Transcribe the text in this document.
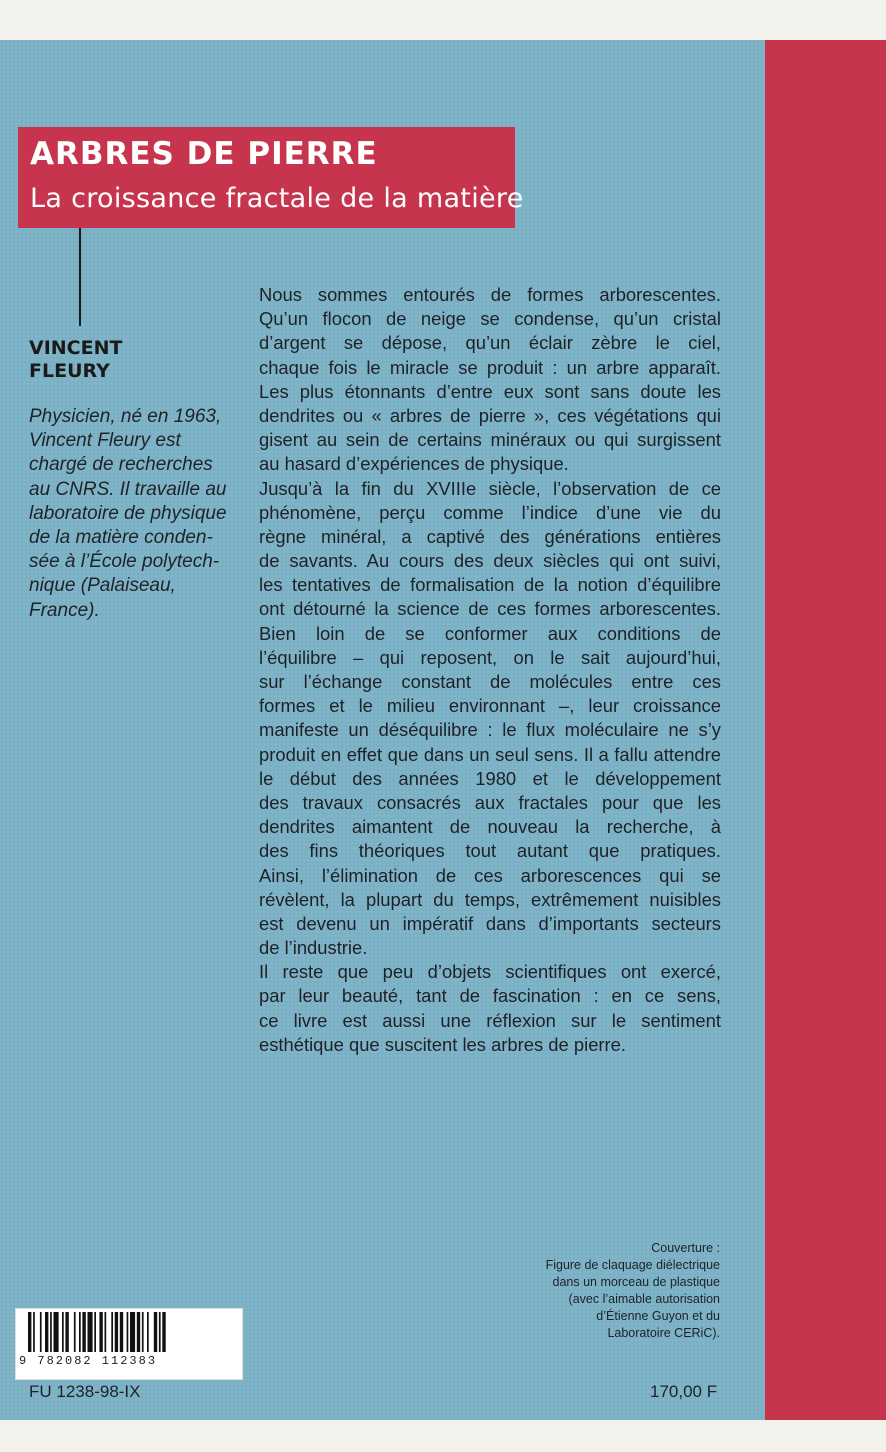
ARBRES DE PIERRE
La croissance fractale de la matière
VINCENT
FLEURY
Physicien, né en 1963,
Vincent Fleury est
chargé de recherches
au CNRS. Il travaille au
laboratoire de physique
de la matière conden-
sée à l’École polytech-
nique (Palaiseau,
France).
Nous sommes entourés de formes arborescentes.
Qu’un flocon de neige se condense, qu’un cristal
d’argent se dépose, qu’un éclair zèbre le ciel,
chaque fois le miracle se produit : un arbre apparaît.
Les plus étonnants d’entre eux sont sans doute les
dendrites ou « arbres de pierre », ces végétations qui
gisent au sein de certains minéraux ou qui surgissent
au hasard d’expériences de physique.
Jusqu’à la fin du XVIIIe siècle, l’observation de ce
phénomène, perçu comme l’indice d’une vie du
règne minéral, a captivé des générations entières
de savants. Au cours des deux siècles qui ont suivi,
les tentatives de formalisation de la notion d’équilibre
ont détourné la science de ces formes arborescentes.
Bien loin de se conformer aux conditions de
l’équilibre – qui reposent, on le sait aujourd’hui,
sur l’échange constant de molécules entre ces
formes et le milieu environnant –, leur croissance
manifeste un déséquilibre : le flux moléculaire ne s’y
produit en effet que dans un seul sens. Il a fallu attendre
le début des années 1980 et le développement
des travaux consacrés aux fractales pour que les
dendrites aimantent de nouveau la recherche, à
des fins théoriques tout autant que pratiques.
Ainsi, l’élimination de ces arborescences qui se
révèlent, la plupart du temps, extrêmement nuisibles
est devenu un impératif dans d’importants secteurs
de l’industrie.
Il reste que peu d’objets scientifiques ont exercé,
par leur beauté, tant de fascination : en ce sens,
ce livre est aussi une réflexion sur le sentiment
esthétique que suscitent les arbres de pierre.
Couverture :
Figure de claquage diélectrique
dans un morceau de plastique
(avec l’aimable autorisation
d’Étienne Guyon et du
Laboratoire CERiC).
9 782082 112383
FU 1238-98-IX	170,00 F
